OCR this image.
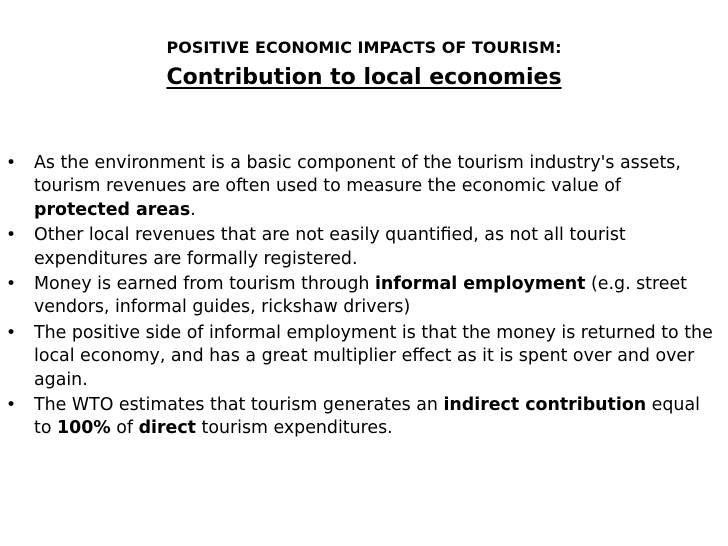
POSITIVE ECONOMIC IMPACTS OF TOURISM:
Contribution to local economies
• As the environment is a basic component of the tourism industry's assets, tourism revenues are often used to measure the economic value of protected areas.
• Other local revenues that are not easily quantified, as not all tourist expenditures are formally registered.
• Money is earned from tourism through informal employment (e.g. street vendors, informal guides, rickshaw drivers)
• The positive side of informal employment is that the money is returned to the local economy, and has a great multiplier effect as it is spent over and over again.
• The WTO estimates that tourism generates an indirect contribution equal to 100% of direct tourism expenditures.
